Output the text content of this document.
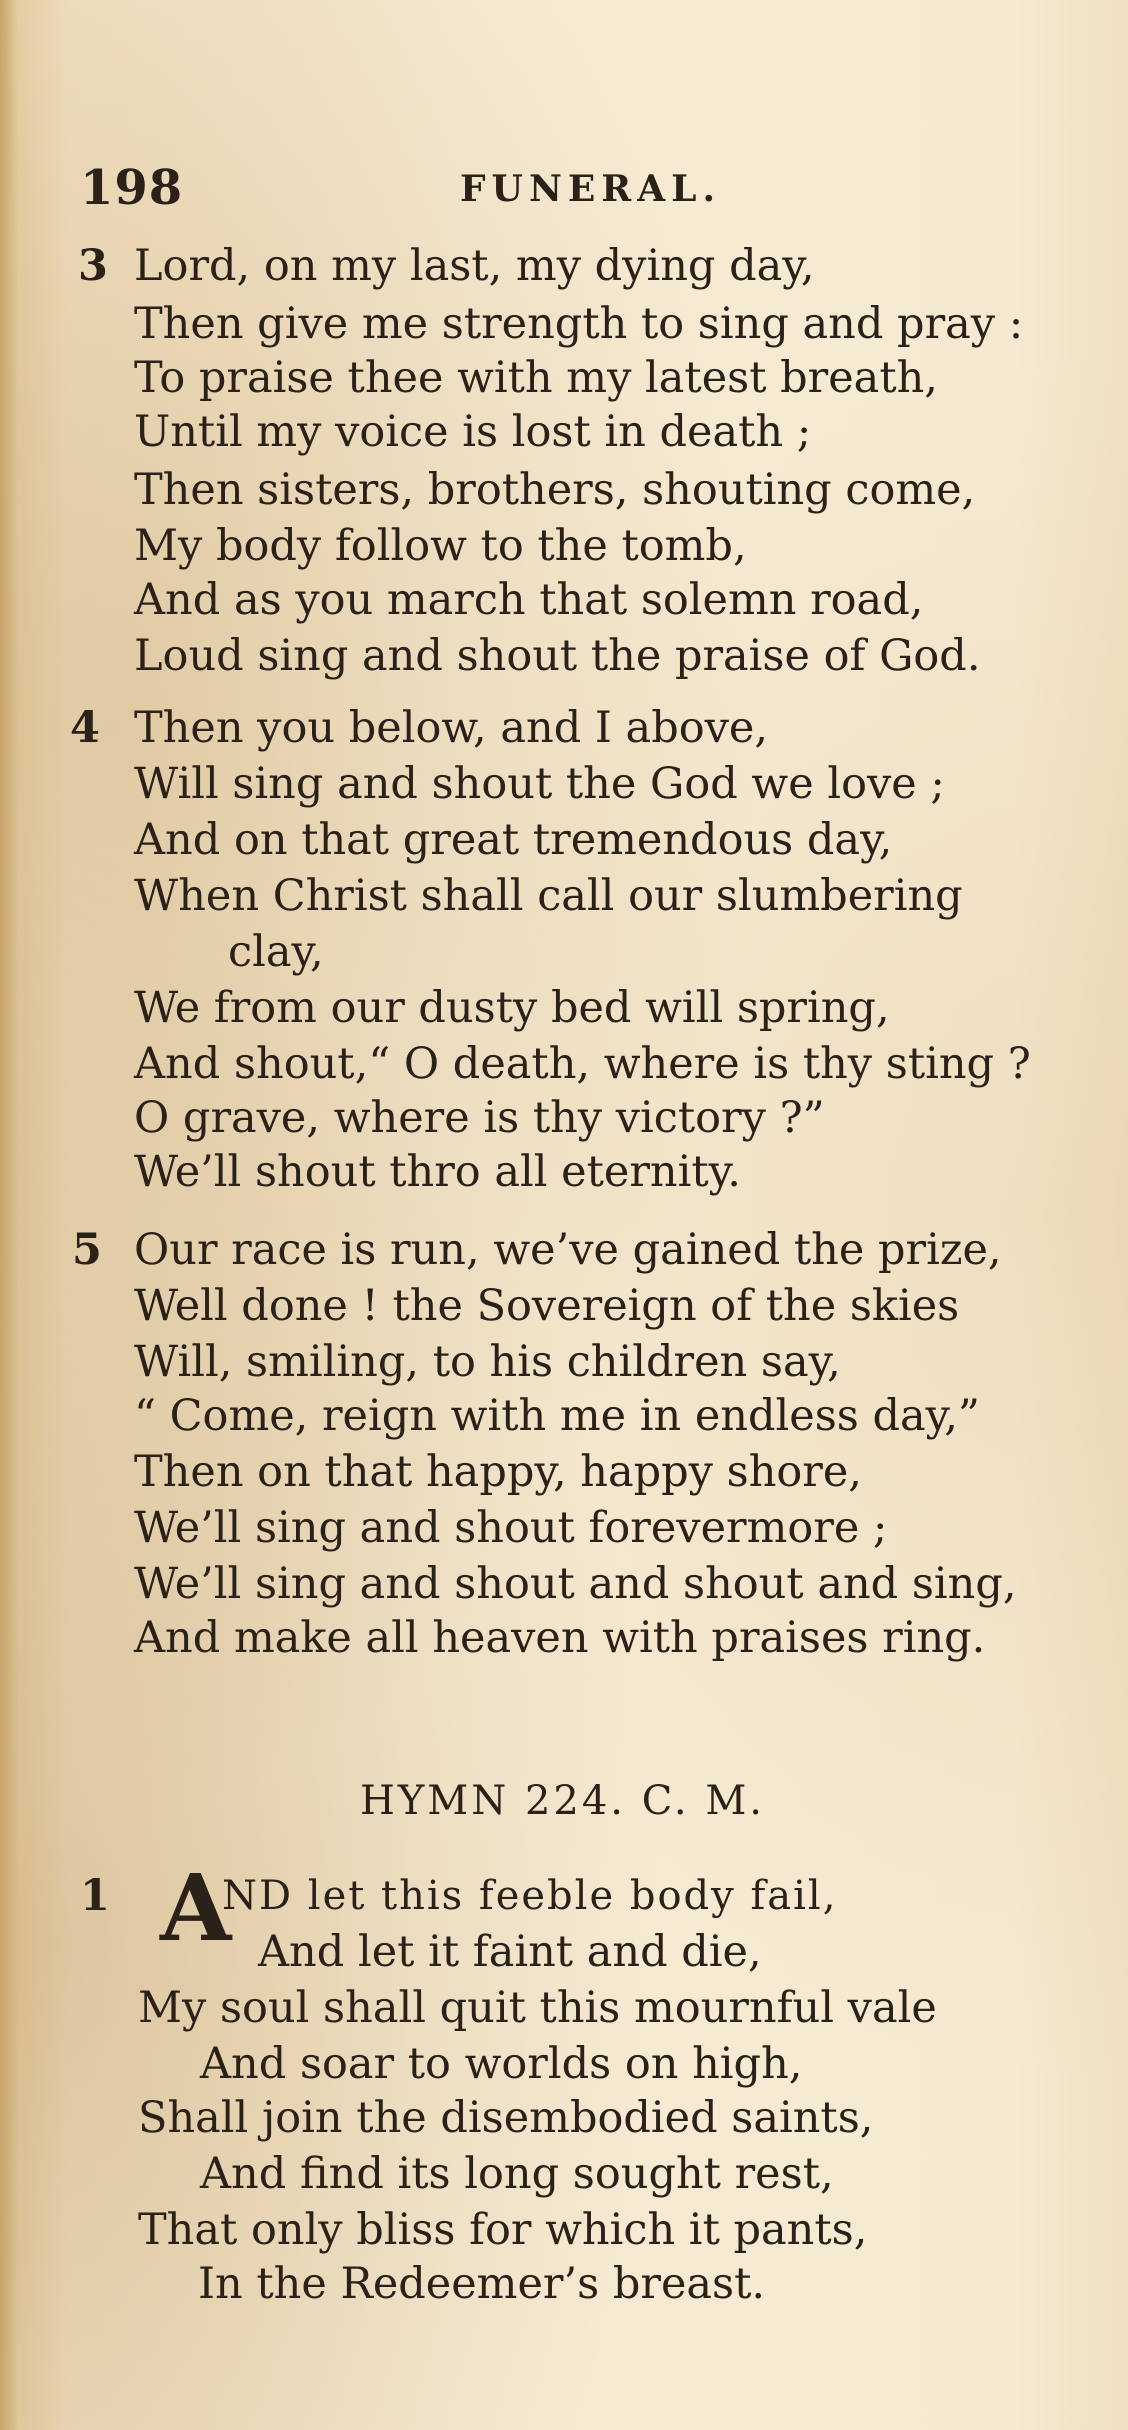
198	FUNERAL.
3 Lord, on my last, my dying day,
Then give me strength to sing and pray :
To praise thee with my latest breath,
Until my voice is lost in death ;
Then sisters, brothers, shouting come,
My body follow to the tomb,
And as you march that solemn road,
Loud sing and shout the praise of God.
4 Then you below, and I above,
Will sing and shout the God we love ;
And on that great tremendous day,
When Christ shall call our slumbering
clay,
We from our dusty bed will spring,
And shout,“ O death, where is thy sting ?
O grave, where is thy victory ?”
We’ll shout thro all eternity.
5 Our race is run, we’ve gained the prize,
Well done ! the Sovereign of the skies
Will, smiling, to his children say,
“ Come, reign with me in endless day,”
Then on that happy, happy shore,
We’ll sing and shout forevermore ;
We’ll sing and shout and shout and sing,
And make all heaven with praises ring.
HYMN 224. C. M.
1 A
ND let this feeble body fail,
And let it faint and die,
My soul shall quit this mournful vale
And soar to worlds on high,
Shall join the disembodied saints,
And find its long sought rest,
That only bliss for which it pants,
In the Redeemer’s breast.
